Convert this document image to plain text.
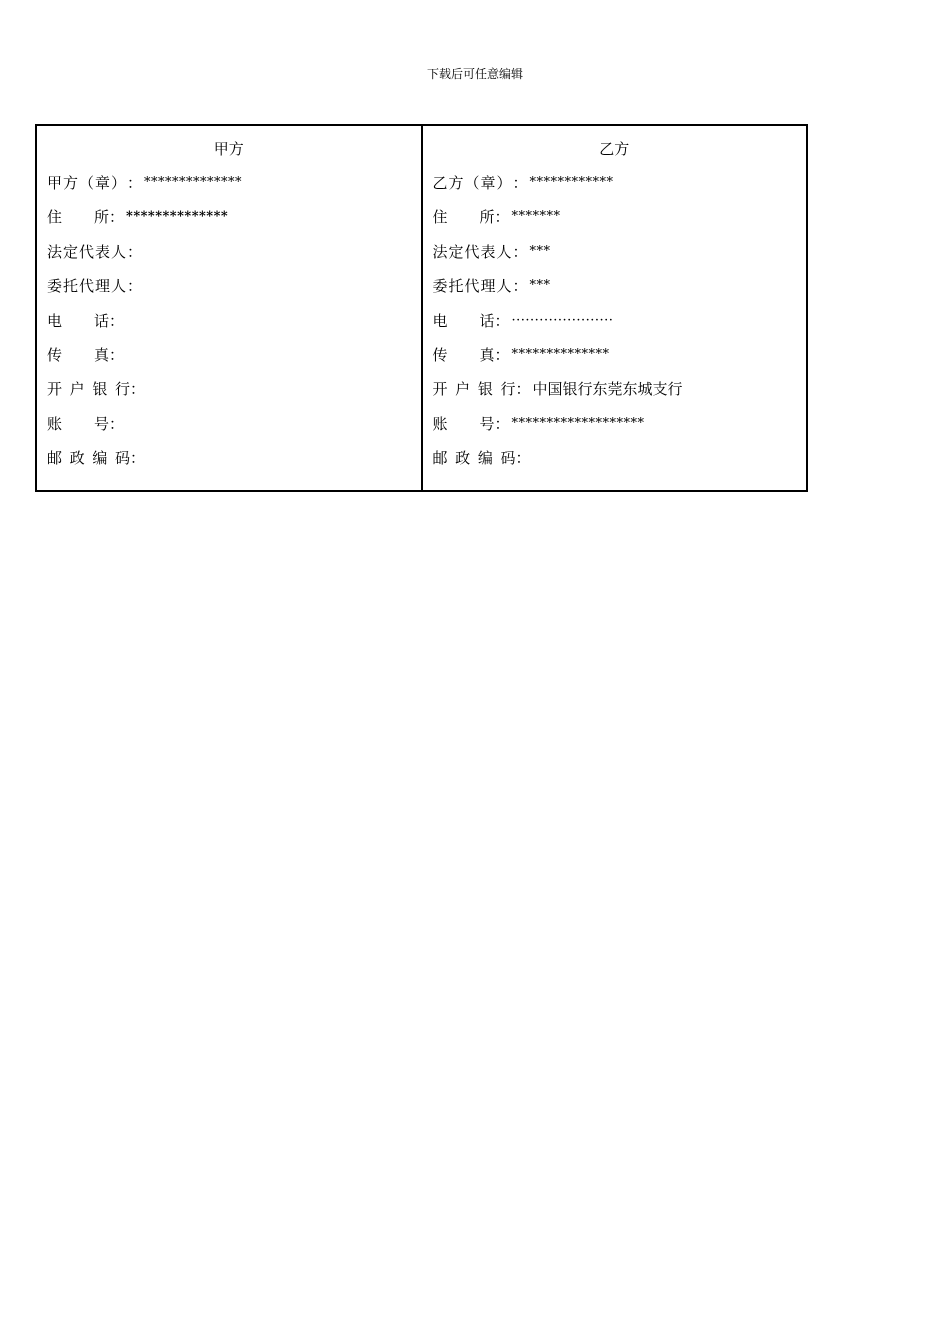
下载后可任意编辑
甲方
甲方（章） ： **************
住所 ： **************
法定代表人 ：
委托代理人 ：
电话 ：
传真 ：
开户银行 ：
账号 ：
邮政编码 ：
乙方
乙方（章） ： ************
住所 ： *******
法定代表人 ： ***
委托代理人 ： ***
电话 ： ······················
传真 ： **************
开户银行 ： 中国银行东莞东城支行
账号 ： *******************
邮政编码 ：
